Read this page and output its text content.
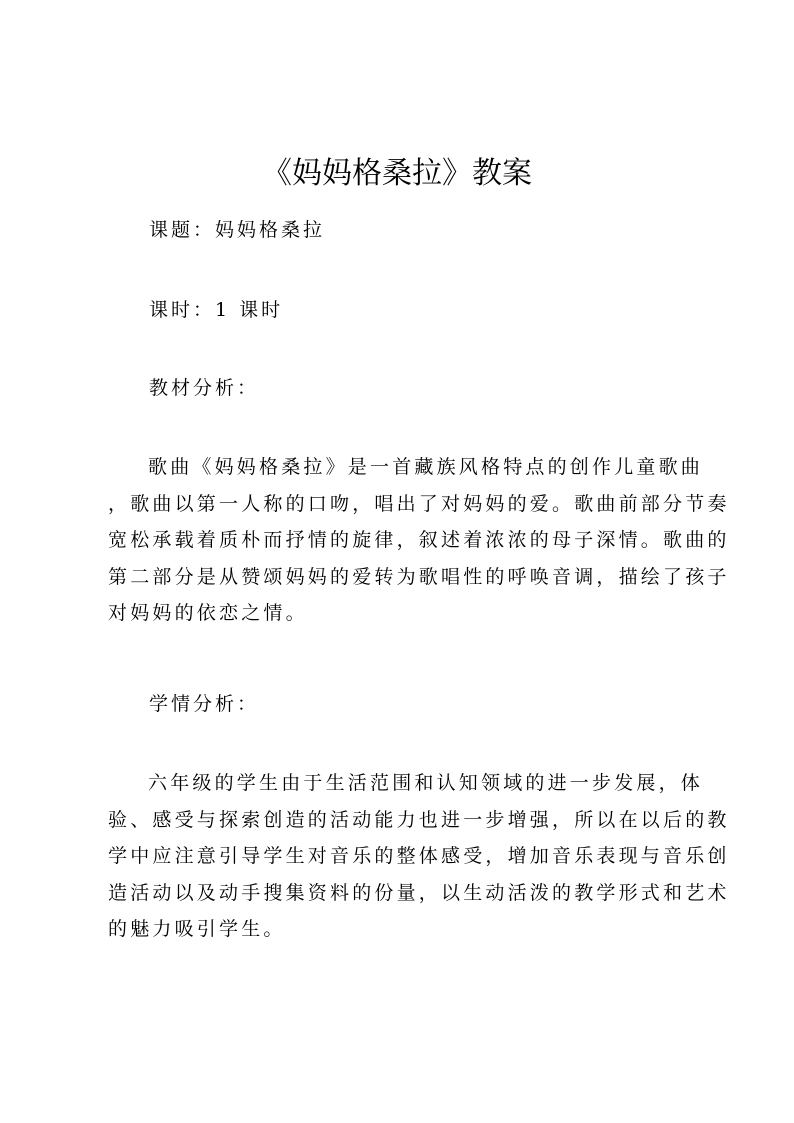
《妈妈格桑拉》教案
课题：妈妈格桑拉
课时：1 课时
教材分析：
歌曲《妈妈格桑拉》是一首藏族风格特点的创作儿童歌曲
，歌曲以第一人称的口吻，唱出了对妈妈的爱。歌曲前部分节奏
宽松承载着质朴而抒情的旋律，叙述着浓浓的母子深情。歌曲的
第二部分是从赞颂妈妈的爱转为歌唱性的呼唤音调，描绘了孩子
对妈妈的依恋之情。
学情分析：
六年级的学生由于生活范围和认知领域的进一步发展，体
验、感受与探索创造的活动能力也进一步增强，所以在以后的教
学中应注意引导学生对音乐的整体感受，增加音乐表现与音乐创
造活动以及动手搜集资料的份量，以生动活泼的教学形式和艺术
的魅力吸引学生。
